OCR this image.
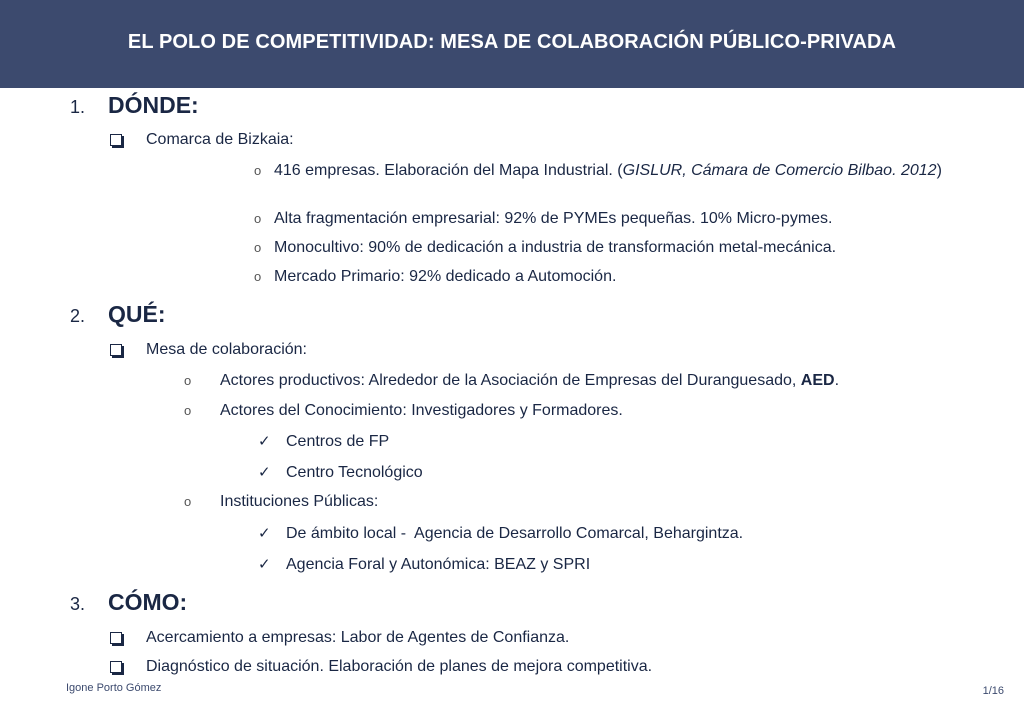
EL POLO DE COMPETITIVIDAD: MESA DE COLABORACIÓN PÚBLICO-PRIVADA
1. DÓNDE:
Comarca de Bizkaia:
o 416 empresas. Elaboración del Mapa Industrial. (GISLUR, Cámara de Comercio Bilbao. 2012)
o Alta fragmentación empresarial: 92% de PYMEs pequeñas. 10% Micro-pymes.
o Monocultivo: 90% de dedicación a industria de transformación metal-mecánica.
o Mercado Primario: 92% dedicado a Automoción.
2. QUÉ:
Mesa de colaboración:
o	Actores productivos: Alrededor de la Asociación de Empresas del Duranguesado, AED.
o	Actores del Conocimiento: Investigadores y Formadores.
✓ Centros de FP
✓ Centro Tecnológico
o	Instituciones Públicas:
✓ De ámbito local -  Agencia de Desarrollo Comarcal, Behargintza.
✓ Agencia Foral y Autonómica: BEAZ y SPRI
3. CÓMO:
Acercamiento a empresas: Labor de Agentes de Confianza.
Diagnóstico de situación. Elaboración de planes de mejora competitiva.
Igone Porto Gómez	1/16
